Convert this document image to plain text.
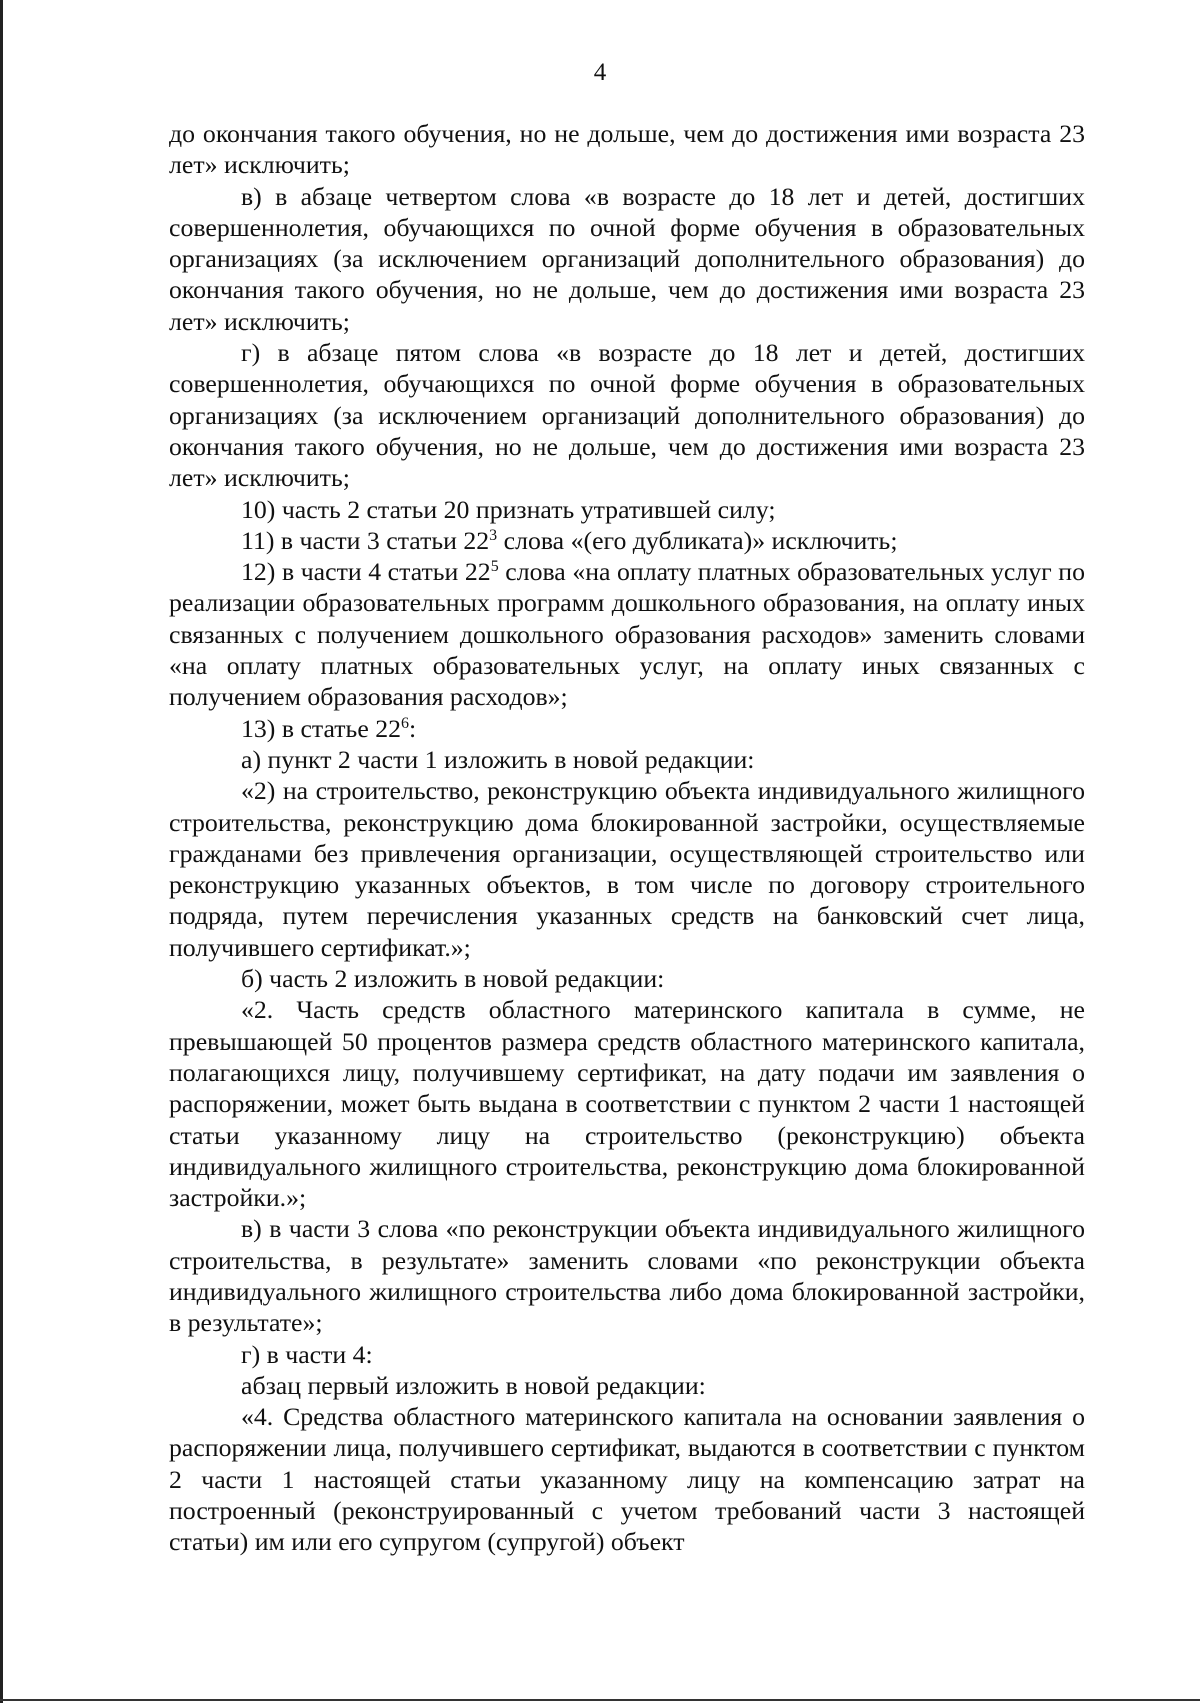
4

до окончания такого обучения, но не дольше, чем до достижения ими возраста 23 лет» исключить;

в) в абзаце четвертом слова «в возрасте до 18 лет и детей, достигших совершеннолетия, обучающихся по очной форме обучения в образовательных организациях (за исключением организаций дополнительного образования) до окончания такого обучения, но не дольше, чем до достижения ими возраста 23 лет» исключить;

г) в абзаце пятом слова «в возрасте до 18 лет и детей, достигших совершеннолетия, обучающихся по очной форме обучения в образовательных организациях (за исключением организаций дополнительного образования) до окончания такого обучения, но не дольше, чем до достижения ими возраста 23 лет» исключить;

10) часть 2 статьи 20 признать утратившей силу;

11) в части 3 статьи $22^3$ слова «(его дубликата)» исключить;

12) в части 4 статьи $22^5$ слова «на оплату платных образовательных услуг по реализации образовательных программ дошкольного образования, на оплату иных связанных с получением дошкольного образования расходов» заменить словами «на оплату платных образовательных услуг, на оплату иных связанных с получением образования расходов»;

13) в статье $22^6$:

а) пункт 2 части 1 изложить в новой редакции:

«2) на строительство, реконструкцию объекта индивидуального жилищного строительства, реконструкцию дома блокированной застройки, осуществляемые гражданами без привлечения организации, осуществляющей строительство или реконструкцию указанных объектов, в том числе по договору строительного подряда, путем перечисления указанных средств на банковский счет лица, получившего сертификат.»;

б) часть 2 изложить в новой редакции:

«2. Часть средств областного материнского капитала в сумме, не превышающей 50 процентов размера средств областного материнского капитала, полагающихся лицу, получившему сертификат, на дату подачи им заявления о распоряжении, может быть выдана в соответствии с пунктом 2 части 1 настоящей статьи указанному лицу на строительство (реконструкцию) объекта индивидуального жилищного строительства, реконструкцию дома блокированной застройки.»;

в) в части 3 слова «по реконструкции объекта индивидуального жилищного строительства, в результате» заменить словами «по реконструкции объекта индивидуального жилищного строительства либо дома блокированной застройки, в результате»;

г) в части 4:

абзац первый изложить в новой редакции:

«4. Средства областного материнского капитала на основании заявления о распоряжении лица, получившего сертификат, выдаются в соответствии с пунктом 2 части 1 настоящей статьи указанному лицу на компенсацию затрат на построенный (реконструированный с учетом требований части 3 настоящей статьи) им или его супругом (супругой) объект
